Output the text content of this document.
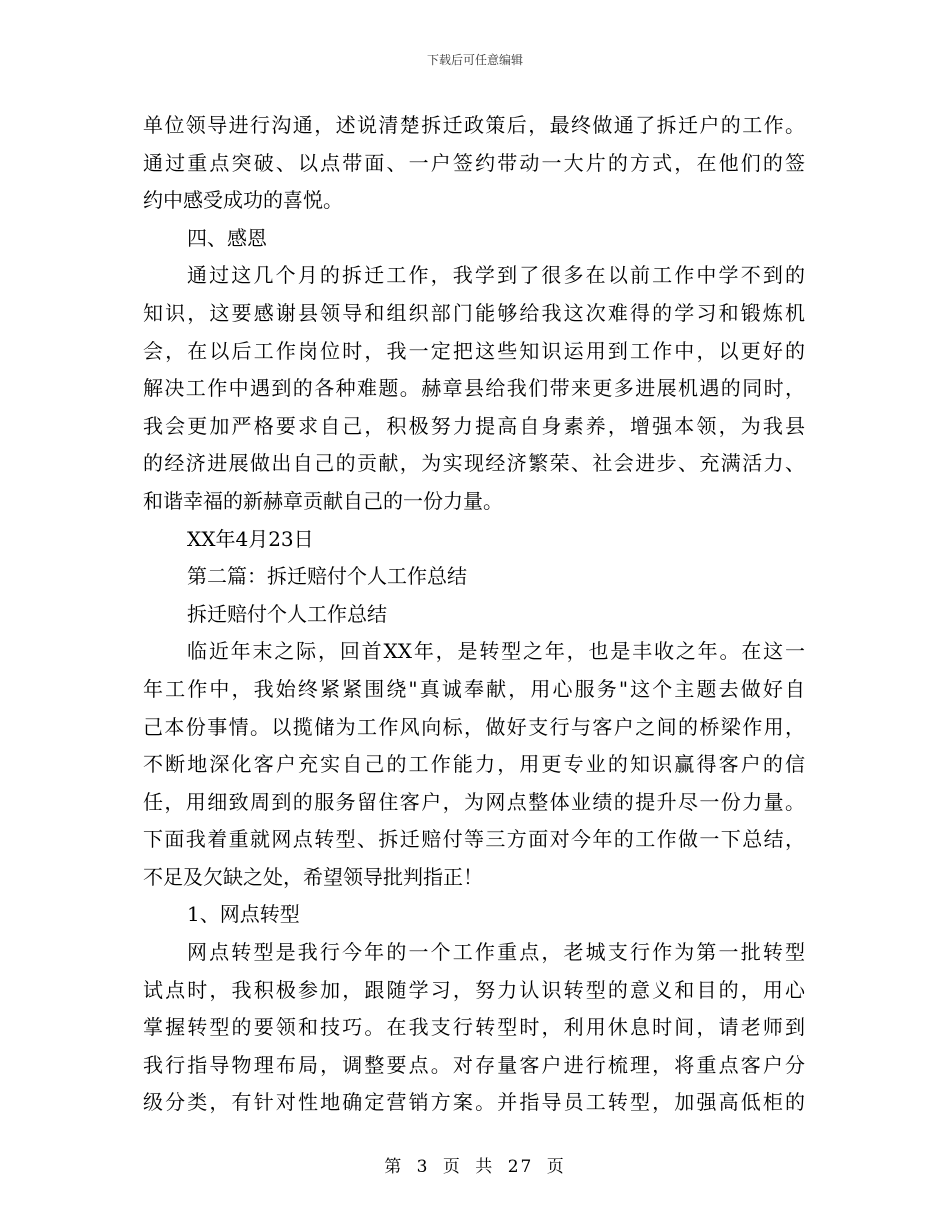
下载后可任意编辑
单位领导进行沟通，述说清楚拆迁政策后，最终做通了拆迁户的工作。
通过重点突破、以点带面、一户签约带动一大片的方式，在他们的签
约中感受成功的喜悦。
四、感恩
通过这几个月的拆迁工作，我学到了很多在以前工作中学不到的
知识，这要感谢县领导和组织部门能够给我这次难得的学习和锻炼机
会，在以后工作岗位时，我一定把这些知识运用到工作中，以更好的
解决工作中遇到的各种难题。赫章县给我们带来更多进展机遇的同时，
我会更加严格要求自己，积极努力提高自身素养，增强本领，为我县
的经济进展做出自己的贡献，为实现经济繁荣、社会进步、充满活力、
和谐幸福的新赫章贡献自己的一份力量。
XX年4月23日
第二篇：拆迁赔付个人工作总结
拆迁赔付个人工作总结
临近年末之际，回首XX年，是转型之年，也是丰收之年。在这一
年工作中，我始终紧紧围绕"真诚奉献，用心服务"这个主题去做好自
己本份事情。以揽储为工作风向标，做好支行与客户之间的桥梁作用，
不断地深化客户充实自己的工作能力，用更专业的知识赢得客户的信
任，用细致周到的服务留住客户，为网点整体业绩的提升尽一份力量。
下面我着重就网点转型、拆迁赔付等三方面对今年的工作做一下总结，
不足及欠缺之处，希望领导批判指正！
1、网点转型
网点转型是我行今年的一个工作重点，老城支行作为第一批转型
试点时，我积极参加，跟随学习，努力认识转型的意义和目的，用心
掌握转型的要领和技巧。在我支行转型时，利用休息时间，请老师到
我行指导物理布局，调整要点。对存量客户进行梳理，将重点客户分
级分类，有针对性地确定营销方案。并指导员工转型，加强高低柜的
第 3 页 共 27 页
